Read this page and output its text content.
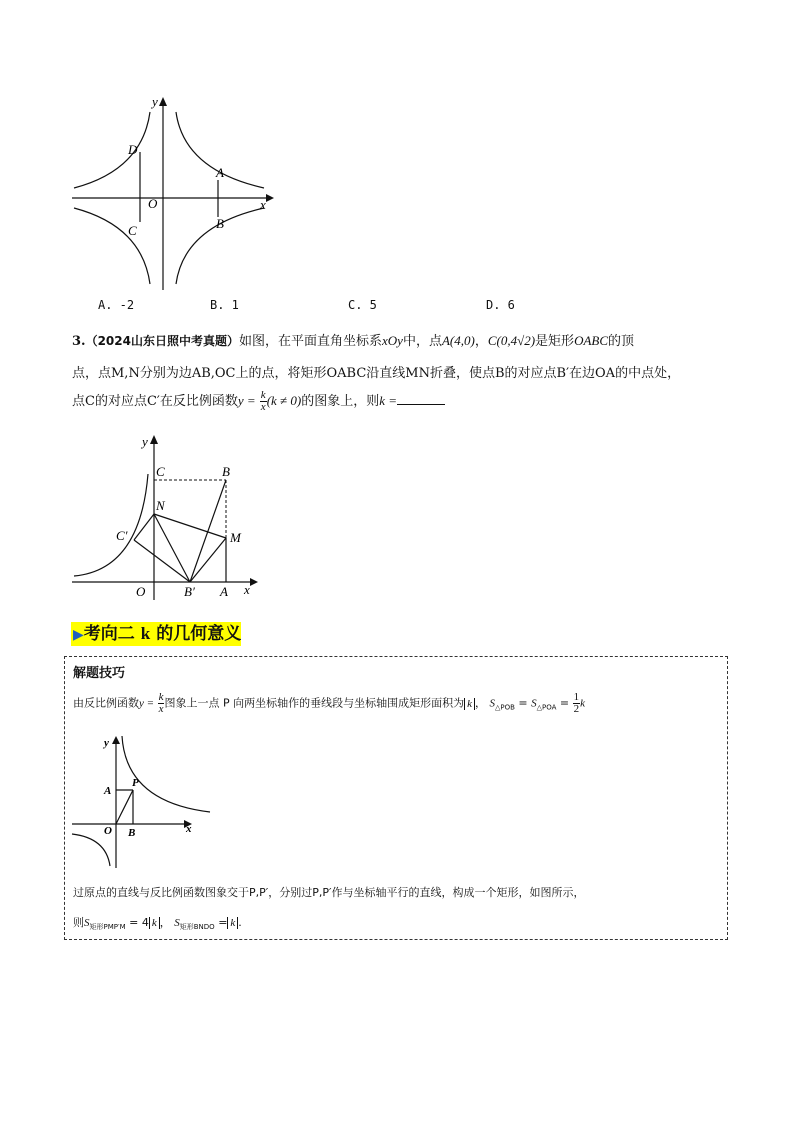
y
x
O
A
B
C
D
A. -2	B. 1	C. 5	D. 6
3.（2024山东日照中考真题）如图，在平面直角坐标系xOy中，点A(4,0)，C(0,4√2)是矩形OABC的顶
点，点M,N分别为边AB,OC上的点，将矩形OABC沿直线MN折叠，使点B的对应点B′在边OA的中点处，
点C的对应点C′在反比例函数$y = \frac{k}{x} (k \ne 0)$的图象上，则k =
y
x
O	A
B
C
N
M
C′
B′
▶考向二 k 的几何意义
解题技巧
由反比例函数$y = \frac{k}{x}$ 图象上一点 P 向两坐标轴作的垂线段与坐标轴围成矩形面积为 k ， $S_{\triangle POB} = S_{\triangle POA} = \frac{1}{2}$ k
y
x
O
A
B
P
过原点的直线与反比例函数图象交于P,P′，分别过P,P′作与坐标轴平行的直线，构成一个矩形，如图所示，
则$S_{矩形PMP'M} = 4$ k ， $S_{矩形BNDO} = k$ .
